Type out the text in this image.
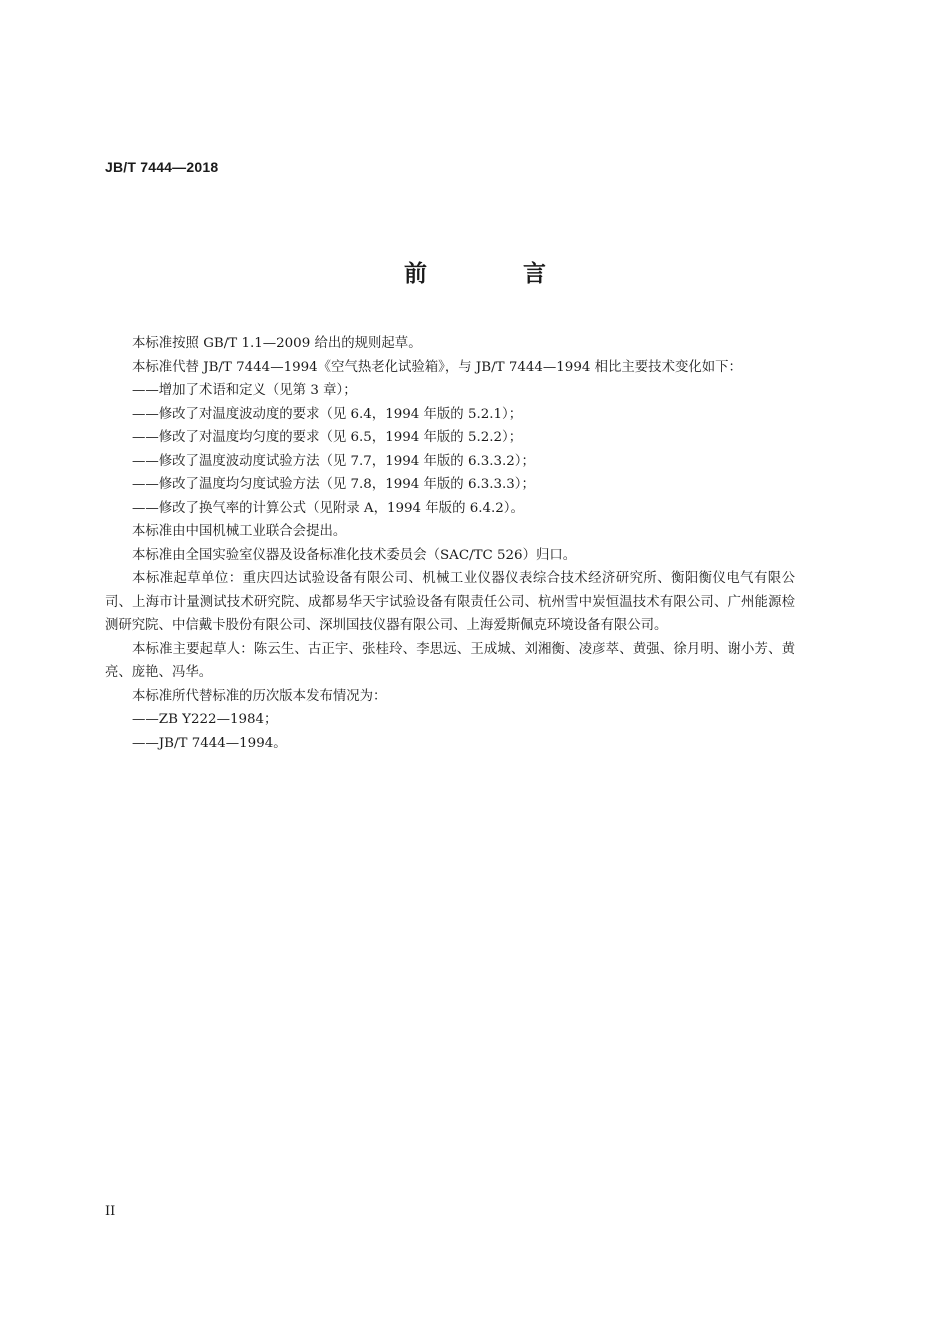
JB/T 7444—2018
前 言

本标准按照 GB/T 1.1—2009 给出的规则起草。

本标准代替 JB/T 7444—1994《空气热老化试验箱》，与 JB/T 7444—1994 相比主要技术变化如下：

——增加了术语和定义（见第 3 章）；

——修改了对温度波动度的要求（见 6.4，1994 年版的 5.2.1）；

——修改了对温度均匀度的要求（见 6.5，1994 年版的 5.2.2）；

——修改了温度波动度试验方法（见 7.7，1994 年版的 6.3.3.2）；

——修改了温度均匀度试验方法（见 7.8，1994 年版的 6.3.3.3）；

——修改了换气率的计算公式（见附录 A，1994 年版的 6.4.2）。

本标准由中国机械工业联合会提出。

本标准由全国实验室仪器及设备标准化技术委员会（SAC/TC 526）归口。

本标准起草单位：重庆四达试验设备有限公司、机械工业仪器仪表综合技术经济研究所、衡阳衡仪电气有限公司、上海市计量测试技术研究院、成都易华天宇试验设备有限责任公司、杭州雪中炭恒温技术有限公司、广州能源检测研究院、中信戴卡股份有限公司、深圳国技仪器有限公司、上海爱斯佩克环境设备有限公司。

本标准主要起草人：陈云生、古正宇、张桂玲、李思远、王成城、刘湘衡、凌彦萃、黄强、徐月明、谢小芳、黄亮、庞艳、冯华。

本标准所代替标准的历次版本发布情况为：

——ZB Y222—1984；

——JB/T 7444—1994。

II
